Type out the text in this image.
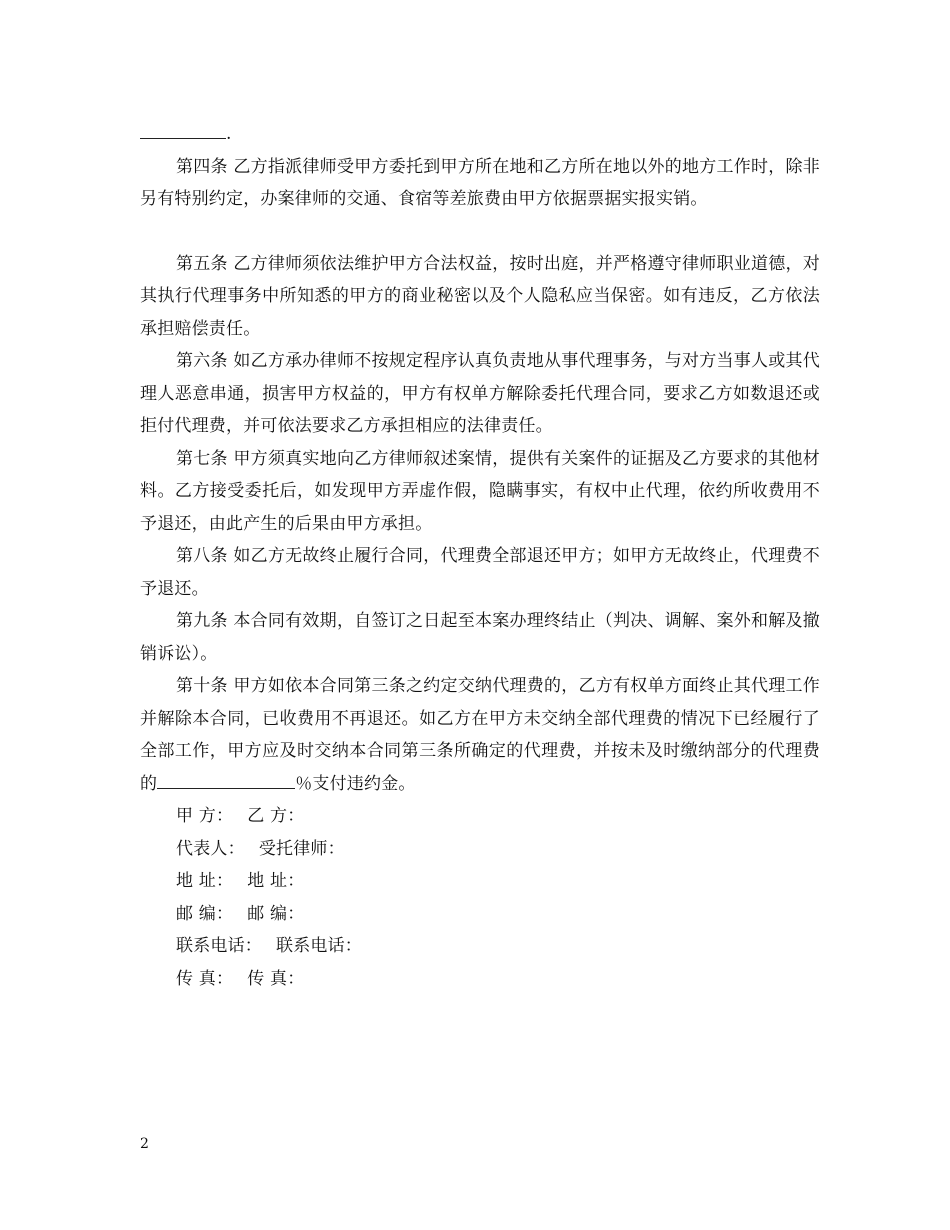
.

第四条 乙方指派律师受甲方委托到甲方所在地和乙方所在地以外的地方工作时，除非另有特别约定，办案律师的交通、食宿等差旅费由甲方依据票据实报实销。

第五条 乙方律师须依法维护甲方合法权益，按时出庭，并严格遵守律师职业道德，对其执行代理事务中所知悉的甲方的商业秘密以及个人隐私应当保密。如有违反，乙方依法承担赔偿责任。

第六条 如乙方承办律师不按规定程序认真负责地从事代理事务，与对方当事人或其代理人恶意串通，损害甲方权益的，甲方有权单方解除委托代理合同，要求乙方如数退还或拒付代理费，并可依法要求乙方承担相应的法律责任。

第七条 甲方须真实地向乙方律师叙述案情，提供有关案件的证据及乙方要求的其他材料。乙方接受委托后，如发现甲方弄虚作假，隐瞒事实，有权中止代理，依约所收费用不予退还，由此产生的后果由甲方承担。

第八条 如乙方无故终止履行合同，代理费全部退还甲方；如甲方无故终止，代理费不予退还。

第九条 本合同有效期，自签订之日起至本案办理终结止（判决、调解、案外和解及撤销诉讼）。

第十条 甲方如依本合同第三条之约定交纳代理费的，乙方有权单方面终止其代理工作并解除本合同，已收费用不再退还。如乙方在甲方未交纳全部代理费的情况下已经履行了全部工作，甲方应及时交纳本合同第三条所确定的代理费，并按未及时缴纳部分的代理费的	％支付违约金。

甲 方： 乙 方：

代表人： 受托律师：

地 址： 地 址：

邮 编： 邮 编：

联系电话： 联系电话：

传 真： 传 真：

2
